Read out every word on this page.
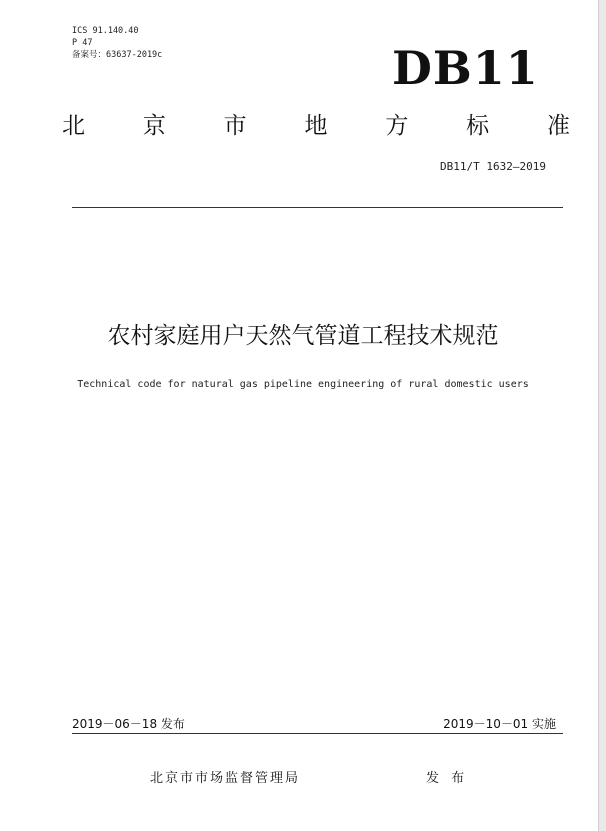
ICS 91.140.40
P 47
备案号：63637-2019c	DB11
北	京	市	地	方	标	准
DB11/T 1632—2019
农村家庭用户天然气管道工程技术规范
Technical code for natural gas pipeline engineering of rural domestic users
2019－06－18 发布	2019－10－01 实施
北京市市场监督管理局	发 布
